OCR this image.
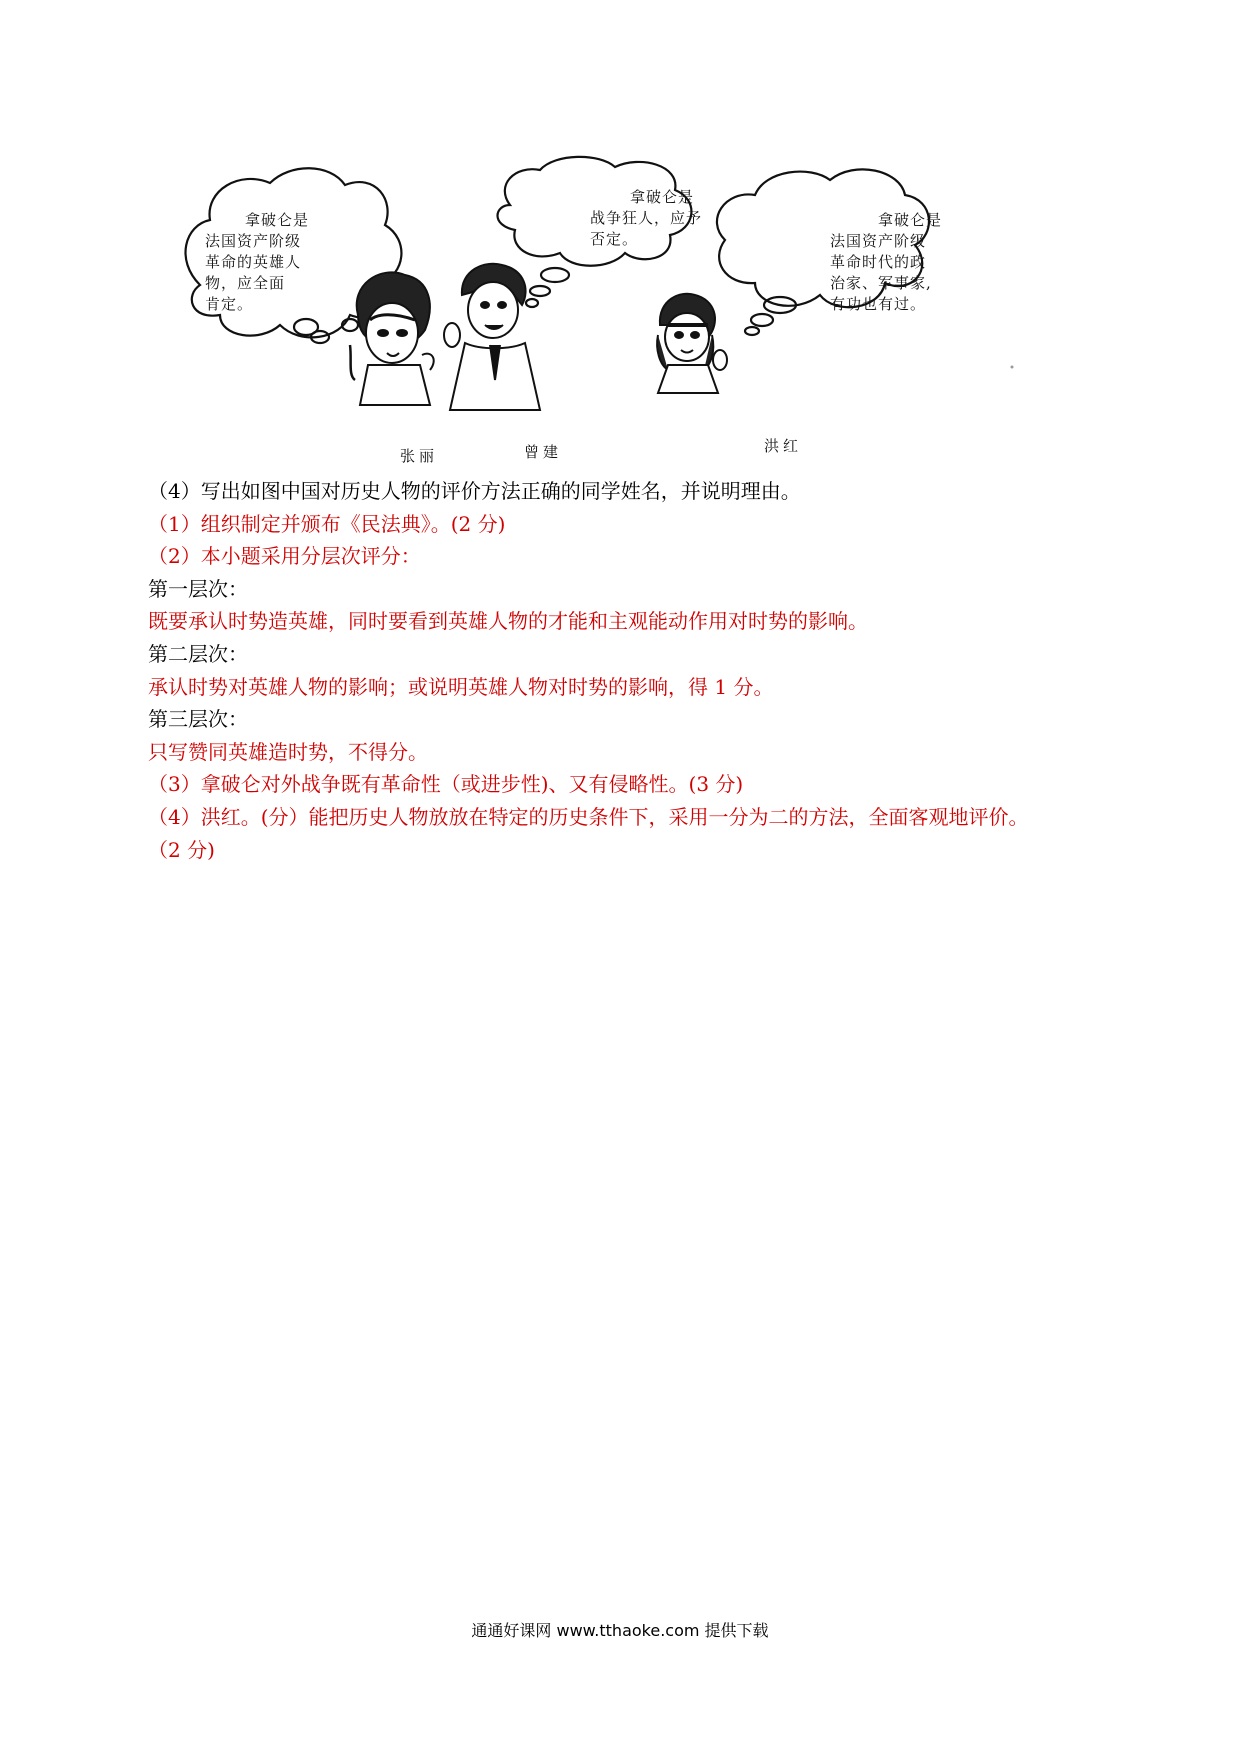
拿破仑是
法国资产阶级
革命的英雄人
物，应全面
肯定。
拿破仑是
战争狂人，应予
否定。
拿破仑是
法国资产阶级
革命时代的政
治家、军事家,
有功也有过。
张丽	曾建	洪红

（4）写出如图中国对历史人物的评价方法正确的同学姓名，并说明理由。

（1）组织制定并颁布《民法典》。(2 分)

（2）本小题采用分层次评分：

第一层次：

既要承认时势造英雄，同时要看到英雄人物的才能和主观能动作用对时势的影响。

第二层次：

承认时势对英雄人物的影响；或说明英雄人物对时势的影响，得 1 分。

第三层次：

只写赞同英雄造时势，不得分。

（3）拿破仑对外战争既有革命性（或进步性)、又有侵略性。(3 分)

（4）洪红。(分）能把历史人物放放在特定的历史条件下，采用一分为二的方法，全面客观地评价。

（2 分)

通通好课网 www.tthaoke.com 提供下载
